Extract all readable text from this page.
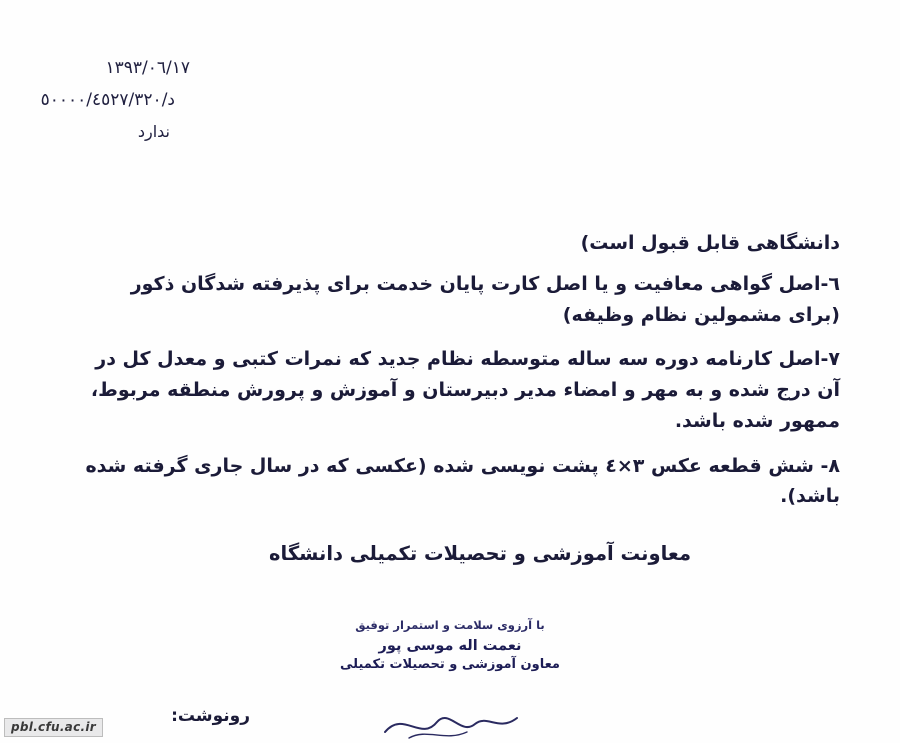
١٣٩٣/٠٦/١٧
د/٥٠٠٠٠/٤٥٢٧/٣٢٠
ندارد

دانشگاهی قابل قبول است)

٦-اصل گواهی معافیت و یا اصل کارت پایان خدمت برای پذیرفته شدگان ذکور (برای مشمولین نظام وظیفه)

٧-اصل کارنامه دوره سه ساله متوسطه نظام جدید که نمرات کتبی و معدل کل در آن درج شده و به مهر و امضاء مدیر دبیرستان و آموزش و پرورش منطقه مربوط، ممهور شده باشد.

٨- شش قطعه عکس ٣×٤ پشت نویسی شده (عکسی که در سال جاری گرفته شده باشد).

معاونت آموزشی و تحصیلات تکمیلی دانشگاه

با آرزوی سلامت و استمرار توفیق
نعمت اله موسی پور
معاون آموزشی و تحصیلات تکمیلی
رونوشت:
pbl.cfu.ac.ir
